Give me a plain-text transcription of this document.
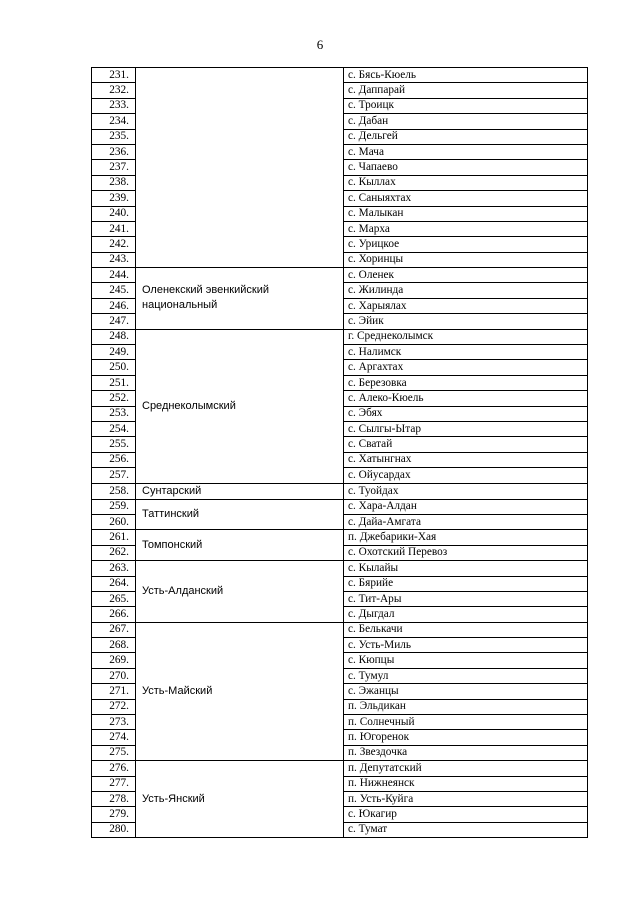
6
231.		с. Бясь-Кюель
232.		с. Даппарай
233.		с. Троицк
234.		с. Дабан
235.		с. Дельгей
236.		с. Мача
237.		с. Чапаево
238.		с. Кыллах
239.		с. Саныяхтах
240.		с. Малыкан
241.		с. Марха
242.		с. Урицкое
243.		с. Хоринцы
244.	Оленекский эвенкийский национальный	с. Оленек
245.		с. Жилинда
246.		с. Харыялах
247.		с. Эйик
248.	Среднеколымский	г. Среднеколымск
249.		с. Налимск
250.		с. Аргахтах
251.		с. Березовка
252.		с. Алеко-Кюель
253.		с. Эбях
254.		с. Сылгы-Ытар
255.		с. Сватай
256.		с. Хатынгнах
257.		с. Ойусардах
258.	Сунтарский	с. Туойдах
259.	Таттинский	с. Хара-Алдан
260.		с. Дайа-Амгата
261.	Томпонский	п. Джебарики-Хая
262.		с. Охотский Перевоз
263.	Усть-Алданский	с. Кылайы
264.		с. Бярийе
265.		с. Тит-Ары
266.		с. Дыгдал
267.	Усть-Майский	с. Белькачи
268.		с. Усть-Миль
269.		с. Кюпцы
270.		с. Тумул
271.		с. Эжанцы
272.		п. Эльдикан
273.		п. Солнечный
274.		п. Югоренок
275.		п. Звездочка
276.	Усть-Янский	п. Депутатский
277.		п. Нижнеянск
278.		п. Усть-Куйга
279.		с. Юкагир
280.		с. Тумат
